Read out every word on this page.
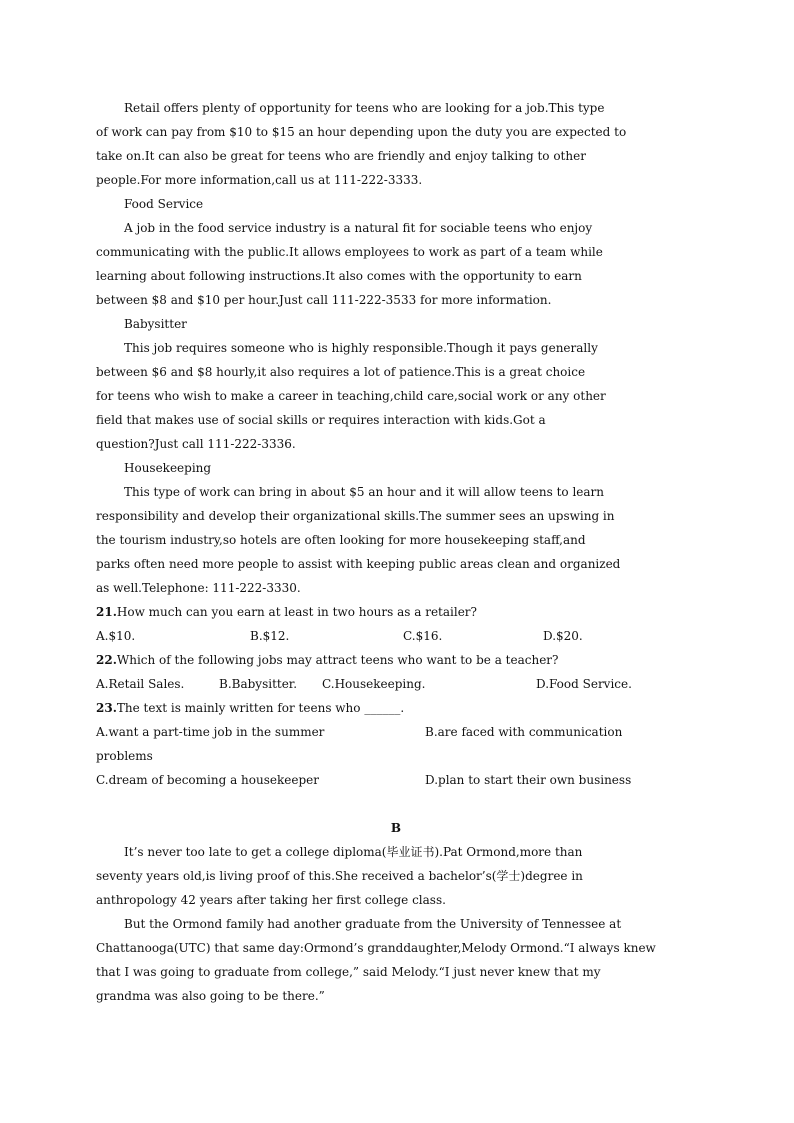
Retail offers plenty of opportunity for teens who are looking for a job.This type
of work can pay from $10 to $15 an hour depending upon the duty you are expected to
take on.It can also be great for teens who are friendly and enjoy talking to other
people.For more information,call us at 111-222-3333.
Food Service
A job in the food service industry is a natural fit for sociable teens who enjoy
communicating with the public.It allows employees to work as part of a team while
learning about following instructions.It also comes with the opportunity to earn
between $8 and $10 per hour.Just call 111-222-3533 for more information.
Babysitter
This job requires someone who is highly responsible.Though it pays generally
between $6 and $8 hourly,it also requires a lot of patience.This is a great choice
for teens who wish to make a career in teaching,child care,social work or any other
field that makes use of social skills or requires interaction with kids.Got a
question?Just call 111-222-3336.
Housekeeping
This type of work can bring in about $5 an hour and it will allow teens to learn
responsibility and develop their organizational skills.The summer sees an upswing in
the tourism industry,so hotels are often looking for more housekeeping staff,and
parks often need more people to assist with keeping public areas clean and organized
as well.Telephone: 111-222-3330.
21.How much can you earn at least in two hours as a retailer?
A.$10.	B.$12.	C.$16.	D.$20.
22.Which of the following jobs may attract teens who want to be a teacher?
A.Retail Sales.	B.Babysitter. C.Housekeeping.	D.Food Service.
23.The text is mainly written for teens who ______.
A.want a part-time job in the summer	B.are faced with communication
problems
C.dream of becoming a housekeeper	D.plan to start their own business
B
It’s never too late to get a college diploma(毕业证书).Pat Ormond,more than
seventy years old,is living proof of this.She received a bachelor’s(学士)degree in
anthropology 42 years after taking her first college class.
But the Ormond family had another graduate from the University of Tennessee at
Chattanooga(UTC) that same day:Ormond’s granddaughter,Melody Ormond.“I always knew
that I was going to graduate from college,” said Melody.“I just never knew that my
grandma was also going to be there.”
